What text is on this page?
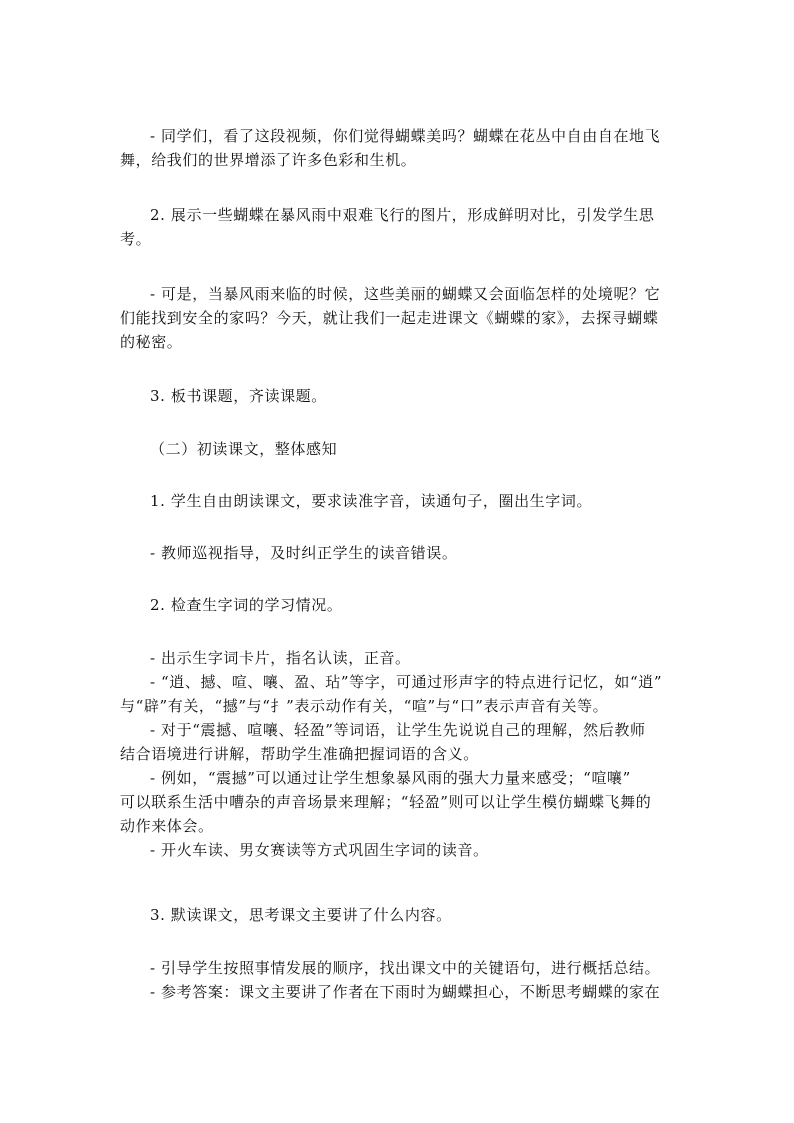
- 同学们，看了这段视频，你们觉得蝴蝶美吗？蝴蝶在花丛中自由自在地飞
舞，给我们的世界增添了许多色彩和生机。
2. 展示一些蝴蝶在暴风雨中艰难飞行的图片，形成鲜明对比，引发学生思
考。
- 可是，当暴风雨来临的时候，这些美丽的蝴蝶又会面临怎样的处境呢？它
们能找到安全的家吗？今天，就让我们一起走进课文《蝴蝶的家》，去探寻蝴蝶
的秘密。
3. 板书课题，齐读课题。
（二）初读课文，整体感知
1. 学生自由朗读课文，要求读准字音，读通句子，圈出生字词。
- 教师巡视指导，及时纠正学生的读音错误。
2. 检查生字词的学习情况。
- 出示生字词卡片，指名认读，正音。
- “逍、撼、喧、嚷、盈、玷”等字，可通过形声字的特点进行记忆，如“逍”
与“辟”有关，“撼”与“扌”表示动作有关，“喧”与“口”表示声音有关等。
- 对于“震撼、喧嚷、轻盈”等词语，让学生先说说自己的理解，然后教师
结合语境进行讲解，帮助学生准确把握词语的含义。
- 例如，“震撼”可以通过让学生想象暴风雨的强大力量来感受；“喧嚷”
可以联系生活中嘈杂的声音场景来理解；“轻盈”则可以让学生模仿蝴蝶飞舞的
动作来体会。
- 开火车读、男女赛读等方式巩固生字词的读音。
3. 默读课文，思考课文主要讲了什么内容。
- 引导学生按照事情发展的顺序，找出课文中的关键语句，进行概括总结。
- 参考答案：课文主要讲了作者在下雨时为蝴蝶担心，不断思考蝴蝶的家在
